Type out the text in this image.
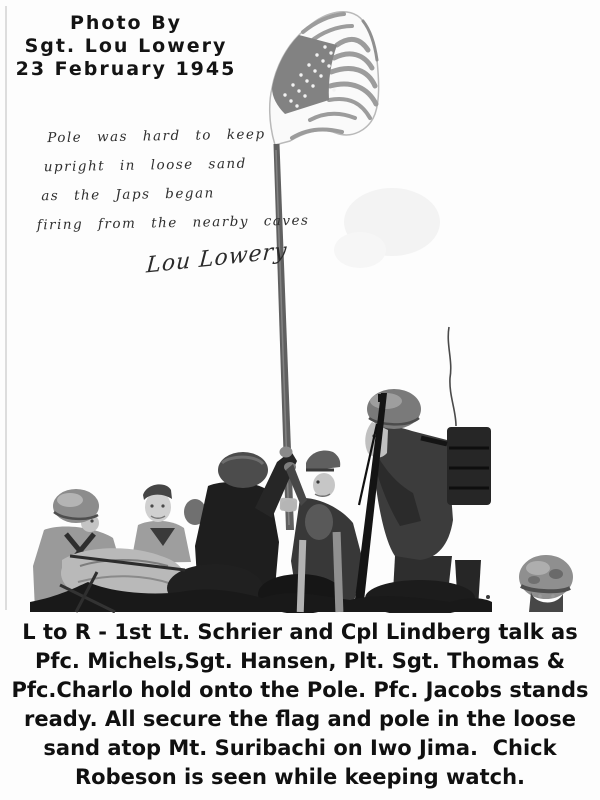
Photo By
Sgt. Lou Lowery
23 February 1945
Pole was hard to keep
upright in loose sand
as the Japs began
firing from the nearby caves
Lou Lowery
L to R - 1st Lt. Schrier and Cpl Lindberg talk as
Pfc. Michels,Sgt. Hansen, Plt. Sgt. Thomas &
Pfc.Charlo hold onto the Pole. Pfc. Jacobs stands
ready. All secure the flag and pole in the loose
sand atop Mt. Suribachi on Iwo Jima.  Chick
Robeson is seen while keeping watch.
